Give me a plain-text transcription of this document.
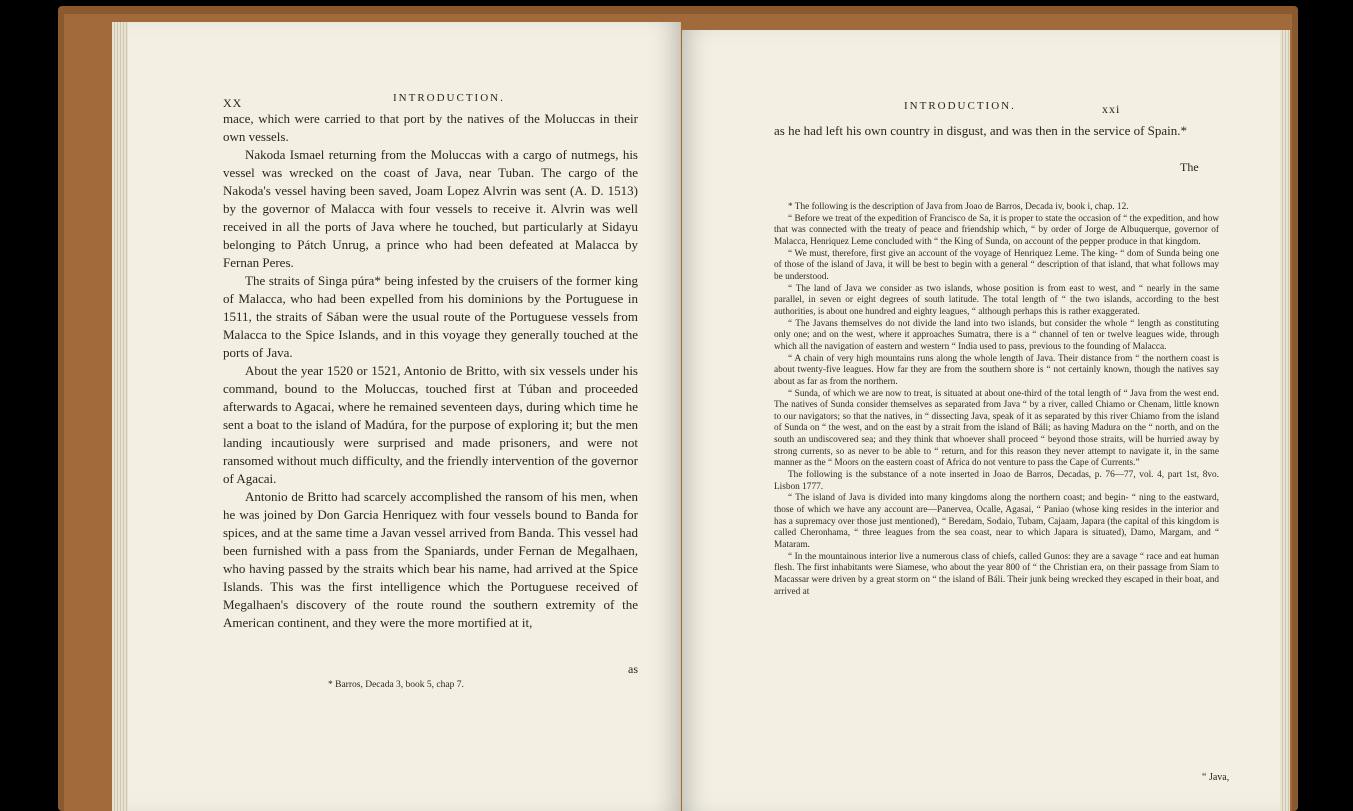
XX	INTRODUCTION.

mace, which were carried to that port by the natives of the Moluccas in their own vessels.

Nakoda Ismael returning from the Moluccas with a cargo of nutmegs, his vessel was wrecked on the coast of Java, near Tuban. The cargo of the Nakoda's vessel having been saved, Joam Lopez Alvrin was sent (A. D. 1513) by the governor of Malacca with four vessels to receive it. Alvrin was well received in all the ports of Java where he touched, but particularly at Sidayu belonging to Pátch Unrug, a prince who had been defeated at Malacca by Fernan Peres.

The straits of Singa púra* being infested by the cruisers of the former king of Malacca, who had been expelled from his dominions by the Portuguese in 1511, the straits of Sában were the usual route of the Portuguese vessels from Malacca to the Spice Islands, and in this voyage they generally touched at the ports of Java.

About the year 1520 or 1521, Antonio de Britto, with six vessels under his command, bound to the Moluccas, touched first at Túban and proceeded afterwards to Agacai, where he remained seventeen days, during which time he sent a boat to the island of Madúra, for the purpose of exploring it; but the men landing incautiously were surprised and made prisoners, and were not ransomed without much difficulty, and the friendly intervention of the governor of Agacai.

Antonio de Britto had scarcely accomplished the ransom of his men, when he was joined by Don Garcia Henriquez with four vessels bound to Banda for spices, and at the same time a Javan vessel arrived from Banda. This vessel had been furnished with a pass from the Spaniards, under Fernan de Megalhaen, who having passed by the straits which bear his name, had arrived at the Spice Islands. This was the first intelligence which the Portuguese received of Megalhaen's discovery of the route round the southern extremity of the American continent, and they were the more mortified at it,

as
* Barros, Decada 3, book 5, chap 7.
INTRODUCTION.	xxi

as he had left his own country in disgust, and was then in the service of Spain.*

The

* The following is the description of Java from Joao de Barros, Decada iv, book i, chap. 12.

“ Before we treat of the expedition of Francisco de Sa, it is proper to state the occasion of “ the expedition, and how that was connected with the treaty of peace and friendship which, “ by order of Jorge de Albuquerque, governor of Malacca, Henriquez Leme concluded with “ the King of Sunda, on account of the pepper produce in that kingdom.

“ We must, therefore, first give an account of the voyage of Henriquez Leme. The king- “ dom of Sunda being one of those of the island of Java, it will be best to begin with a general “ description of that island, that what follows may be understood.

“ The land of Java we consider as two islands, whose position is from east to west, and “ nearly in the same parallel, in seven or eight degrees of south latitude. The total length of “ the two islands, according to the best authorities, is about one hundred and eighty leagues, “ although perhaps this is rather exaggerated.

“ The Javans themselves do not divide the land into two islands, but consider the whole “ length as constituting only one; and on the west, where it approaches Sumatra, there is a “ channel of ten or twelve leagues wide, through which all the navigation of eastern and western “ India used to pass, previous to the founding of Malacca.

“ A chain of very high mountains runs along the whole length of Java. Their distance from “ the northern coast is about twenty-five leagues. How far they are from the southern shore is “ not certainly known, though the natives say about as far as from the northern.

“ Sunda, of which we are now to treat, is situated at about one-third of the total length of “ Java from the west end. The natives of Sunda consider themselves as separated from Java “ by a river, called Chiamo or Chenam, little known to our navigators; so that the natives, in “ dissecting Java, speak of it as separated by this river Chiamo from the island of Sunda on “ the west, and on the east by a strait from the island of Báli; as having Madura on the “ north, and on the south an undiscovered sea; and they think that whoever shall proceed “ beyond those straits, will be hurried away by strong currents, so as never to be able to “ return, and for this reason they never attempt to navigate it, in the same manner as the “ Moors on the eastern coast of Africa do not venture to pass the Cape of Currents.”

The following is the substance of a note inserted in Joao de Barros, Decadas, p. 76—77, vol. 4, part 1st, 8vo. Lisbon 1777.

“ The island of Java is divided into many kingdoms along the northern coast; and begin- “ ning to the eastward, those of which we have any account are—Panervea, Ocalle, Agasai, “ Paniao (whose king resides in the interior and has a supremacy over those just mentioned), “ Beredam, Sodaio, Tubam, Cajaam, Japara (the capital of this kingdom is called Cheronhama, “ three leagues from the sea coast, near to which Japara is situated), Damo, Margam, and “ Mataram.

“ In the mountainous interior live a numerous class of chiefs, called Gunos: they are a savage “ race and eat human flesh. The first inhabitants were Siamese, who about the year 800 of “ the Christian era, on their passage from Siam to Macassar were driven by a great storm on “ the island of Báli. Their junk being wrecked they escaped in their boat, and arrived at

“ Java,
